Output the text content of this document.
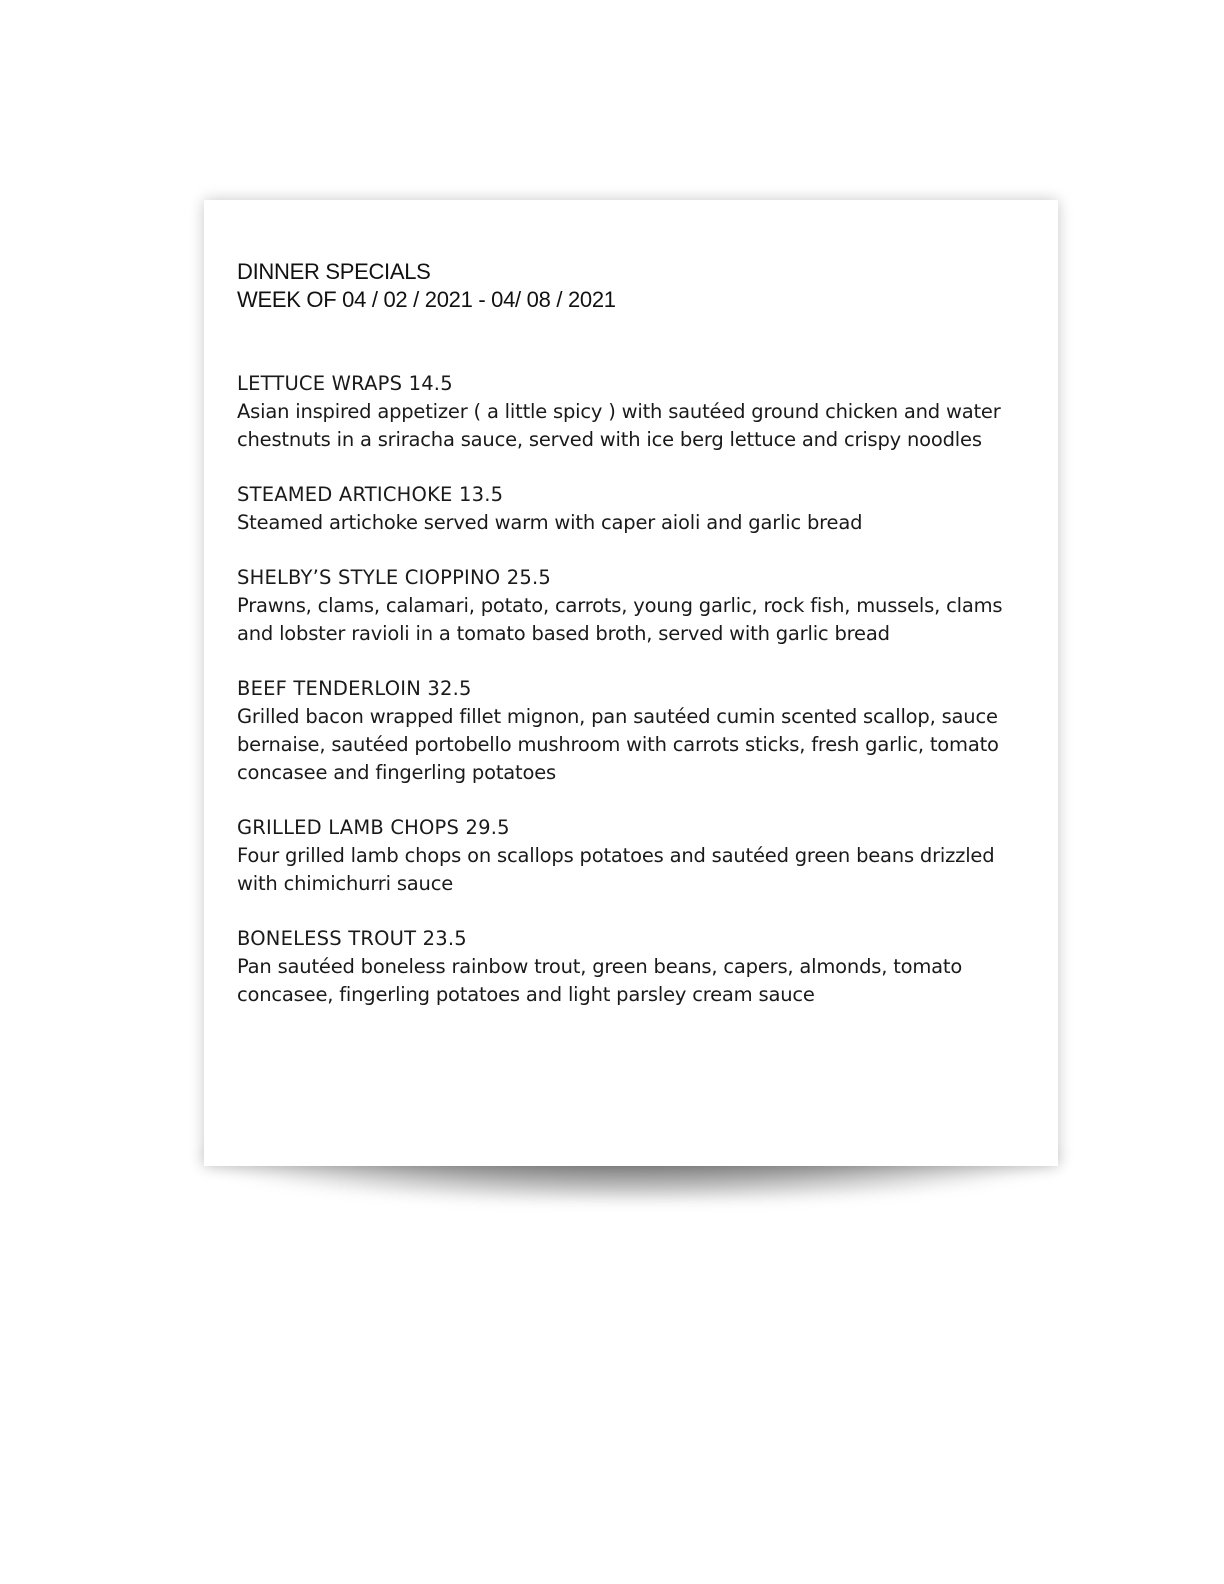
DINNER SPECIALS
WEEK OF 04 / 02 / 2021 - 04/ 08 / 2021
LETTUCE WRAPS 14.5
Asian inspired appetizer ( a little spicy ) with sautéed ground chicken and water chestnuts in a sriracha sauce, served with ice berg lettuce and crispy noodles
STEAMED ARTICHOKE 13.5
Steamed artichoke served warm with caper aioli and garlic bread
SHELBY’S STYLE CIOPPINO 25.5
Prawns, clams, calamari, potato, carrots, young garlic, rock fish, mussels, clams and lobster ravioli in a tomato based broth, served with garlic bread
BEEF TENDERLOIN 32.5
Grilled bacon wrapped fillet mignon, pan sautéed cumin scented scallop, sauce bernaise, sautéed portobello mushroom with carrots sticks, fresh garlic, tomato concasee and fingerling potatoes
GRILLED LAMB CHOPS 29.5
Four grilled lamb chops on scallops potatoes and sautéed green beans drizzled with chimichurri sauce
BONELESS TROUT 23.5
Pan sautéed boneless rainbow trout, green beans, capers, almonds, tomato concasee, fingerling potatoes and light parsley cream sauce
